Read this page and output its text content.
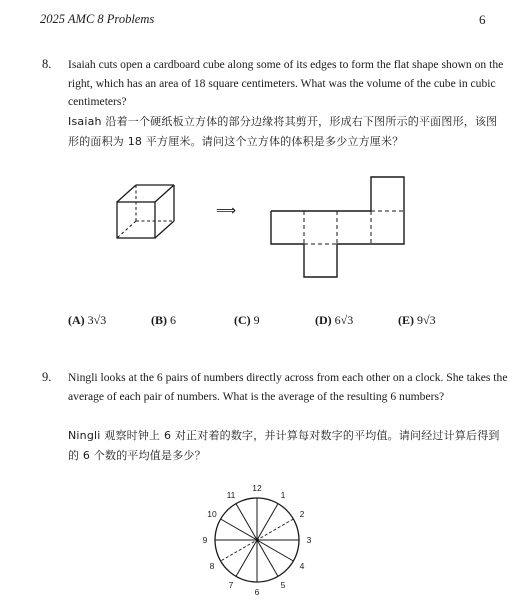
2025 AMC 8 Problems	6
8. Isaiah cuts open a cardboard cube along some of its edges to form the flat shape shown on the right, which has an area of 18 square centimeters. What was the volume of the cube in cubic centimeters?
Isaiah 沿着一个硬纸板立方体的部分边缘将其剪开，形成右下图所示的平面图形，该图形的面积为 18 平方厘米。请问这个立方体的体积是多少立方厘米？
⟹
(A) 3√3	(B) 6	(C) 9	(D) 6√3	(E) 9√3
9. Ningli looks at the 6 pairs of numbers directly across from each other on a clock. She takes the average of each pair of numbers. What is the average of the resulting 6 numbers?
Ningli 观察时钟上 6 对正对着的数字，并计算每对数字的平均值。请问经过计算后得到的 6 个数的平均值是多少？
12
1
2
3
4
5
6
7
8
9
10
11
